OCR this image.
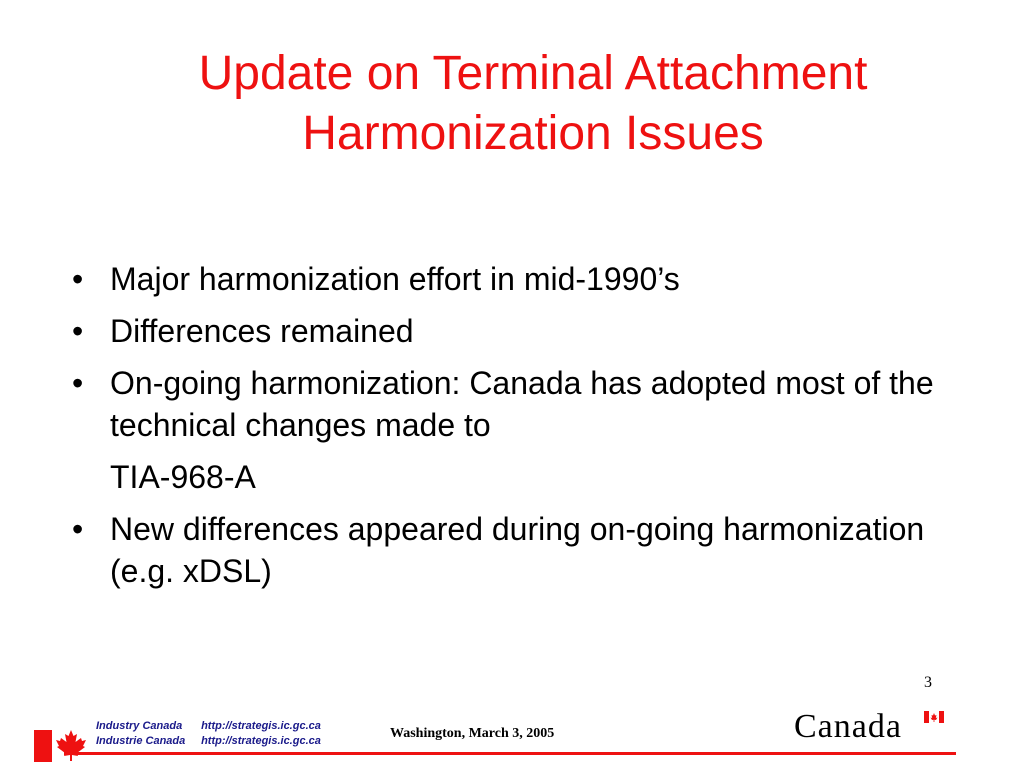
Update on Terminal Attachment
Harmonization Issues
• Major harmonization effort in mid-1990’s
• Differences remained
• On-going harmonization: Canada has adopted most of the technical changes made to
TIA-968-A
• New differences appeared during on-going harmonization (e.g. xDSL)
3
Industry Canada http://strategis.ic.gc.ca
Industrie Canada http://strategis.ic.gc.ca	Washington, March 3, 2005	Canada
